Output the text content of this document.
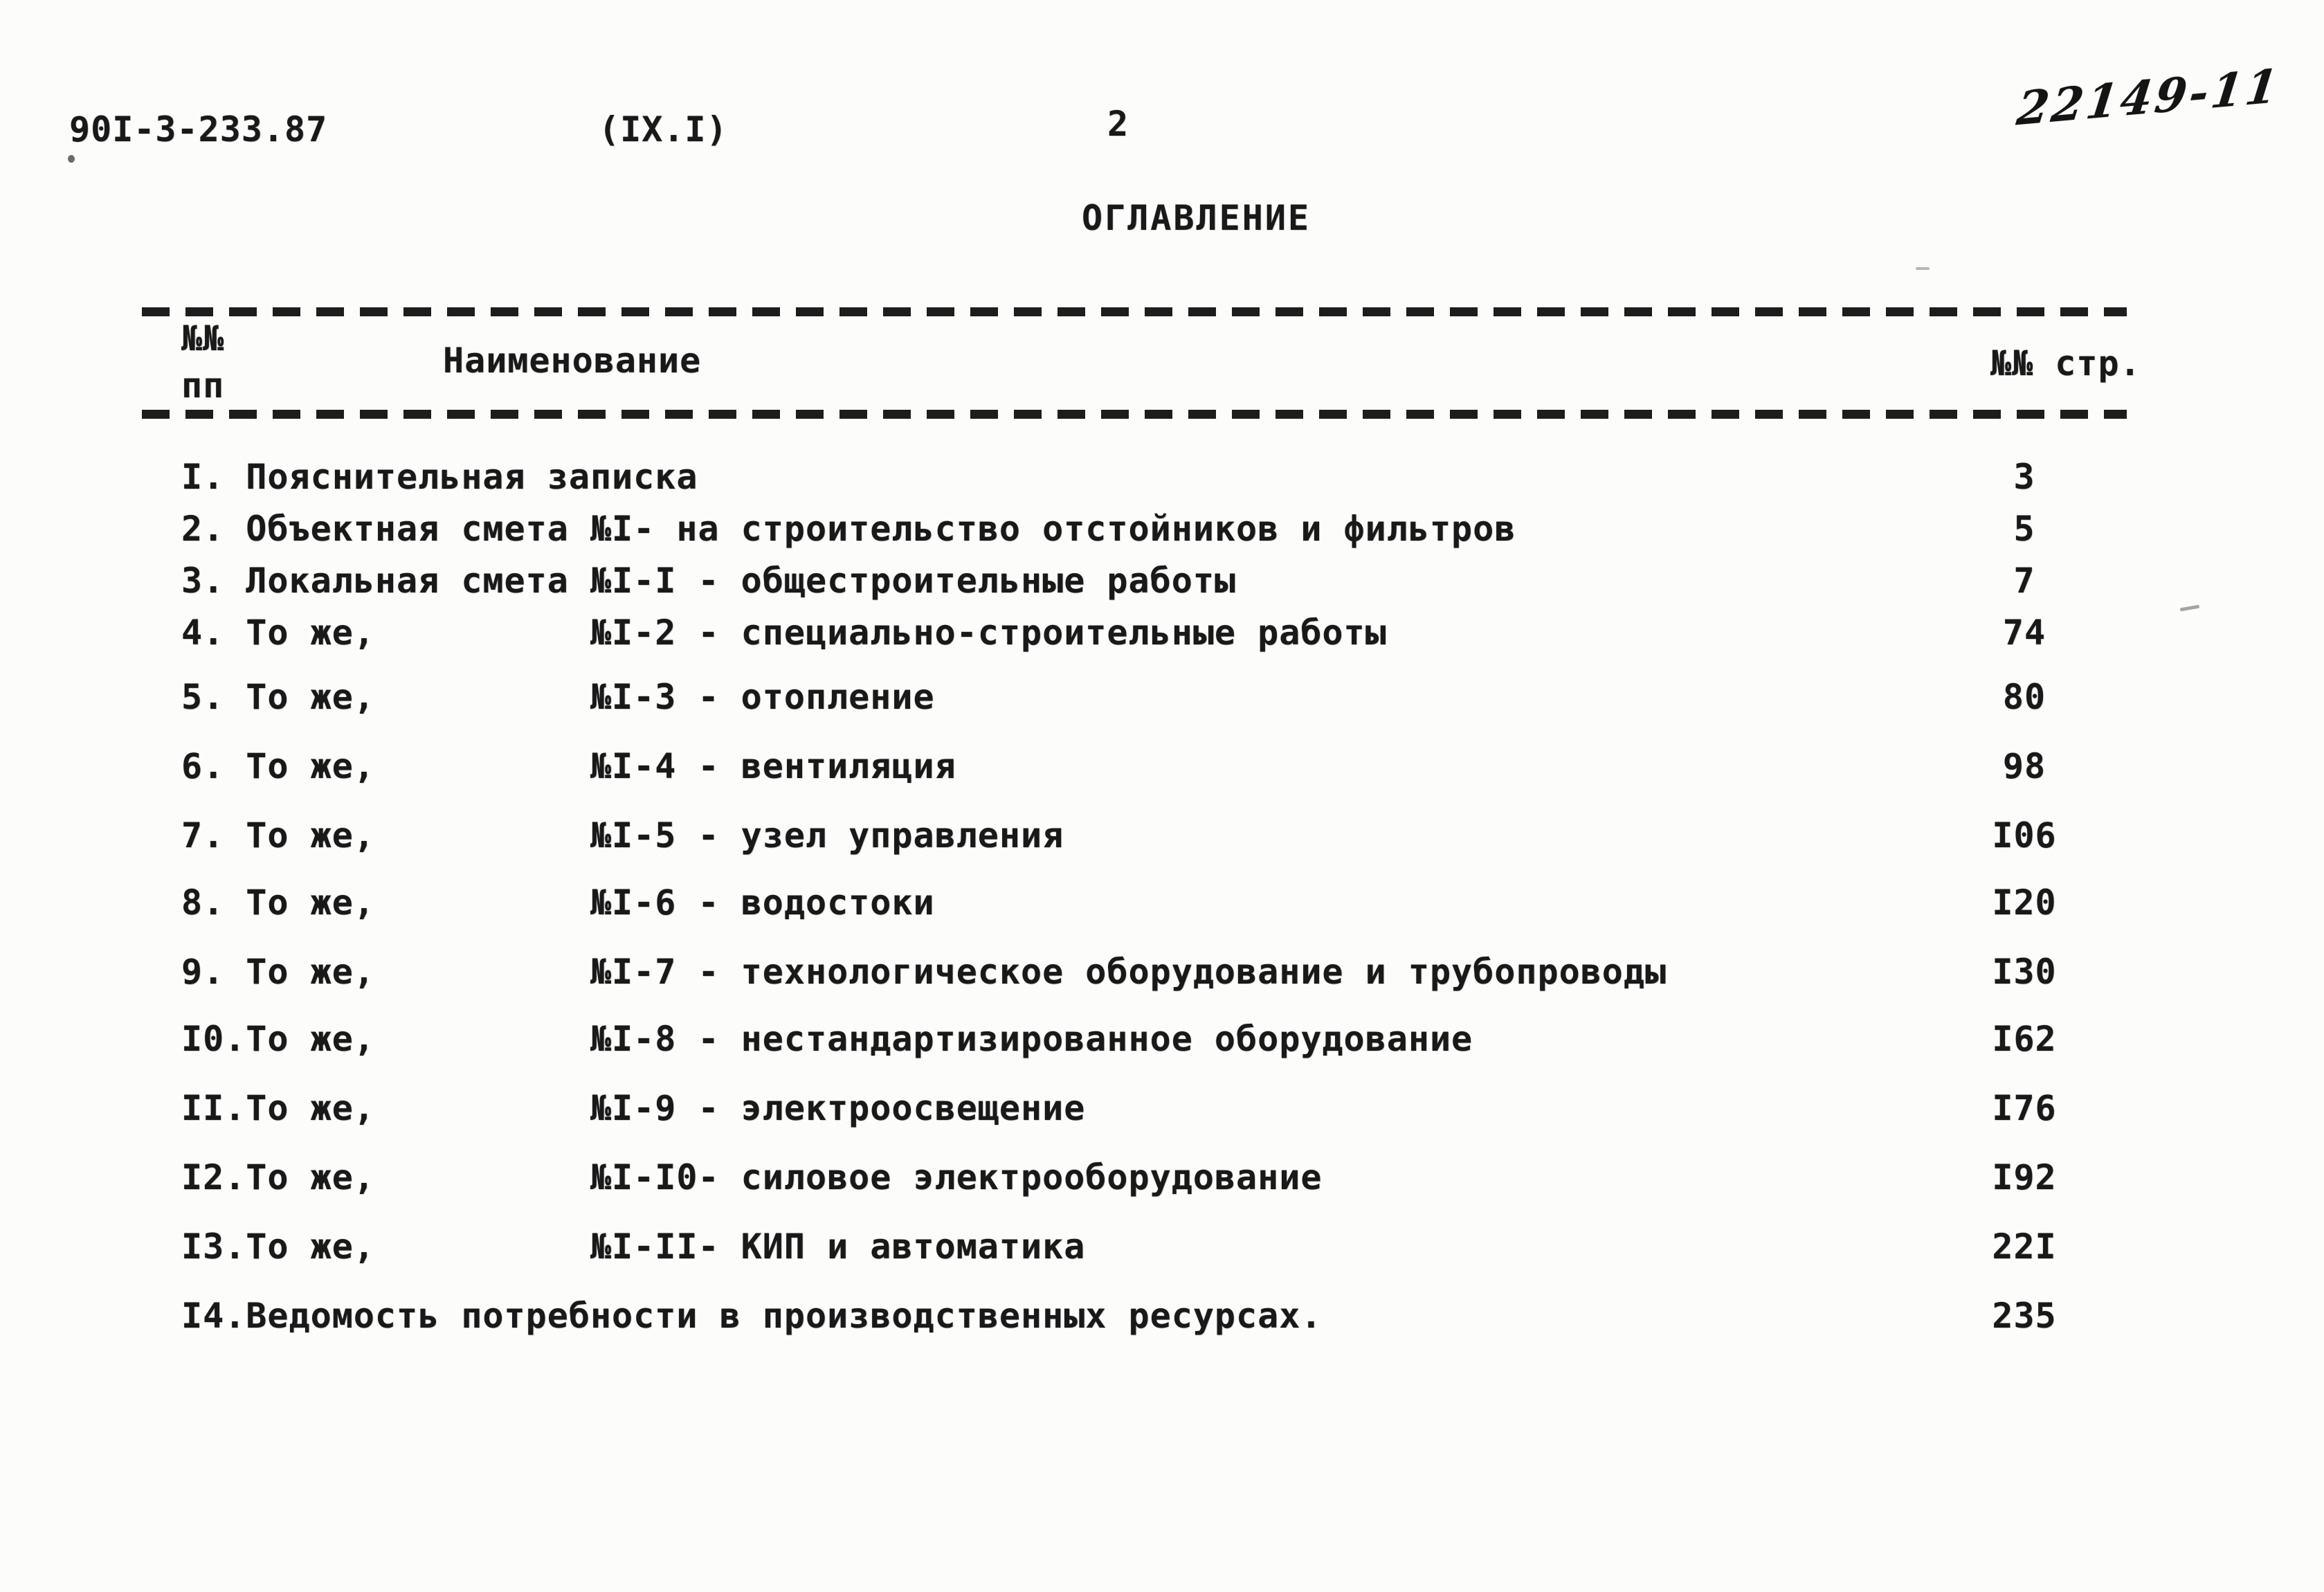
90I-3-233.87	(IX.I)	2	22149-11
ОГЛАВЛЕНИЕ
№№
пп
Наименование	№№ стр.
I. Пояснительная записка	3
2. Объектная смета №I- на строительство отстойников и фильтров	5
3. Локальная смета №I-I - общестроительные работы	7
4. То же,          №I-2 - специально-строительные работы	74
5. То же,          №I-3 - отопление	80
6. То же,          №I-4 - вентиляция	98
7. То же,          №I-5 - узел управления	I06
8. То же,          №I-6 - водостоки	I20
9. То же,          №I-7 - технологическое оборудование и трубопроводы	I30
I0.То же,          №I-8 - нестандартизированное оборудование	I62
II.То же,          №I-9 - электроосвещение	I76
I2.То же,          №I-I0- силовое электрооборудование	I92
I3.То же,          №I-II- КИП и автоматика	22I
I4.Ведомость потребности в производственных ресурсах.	235
